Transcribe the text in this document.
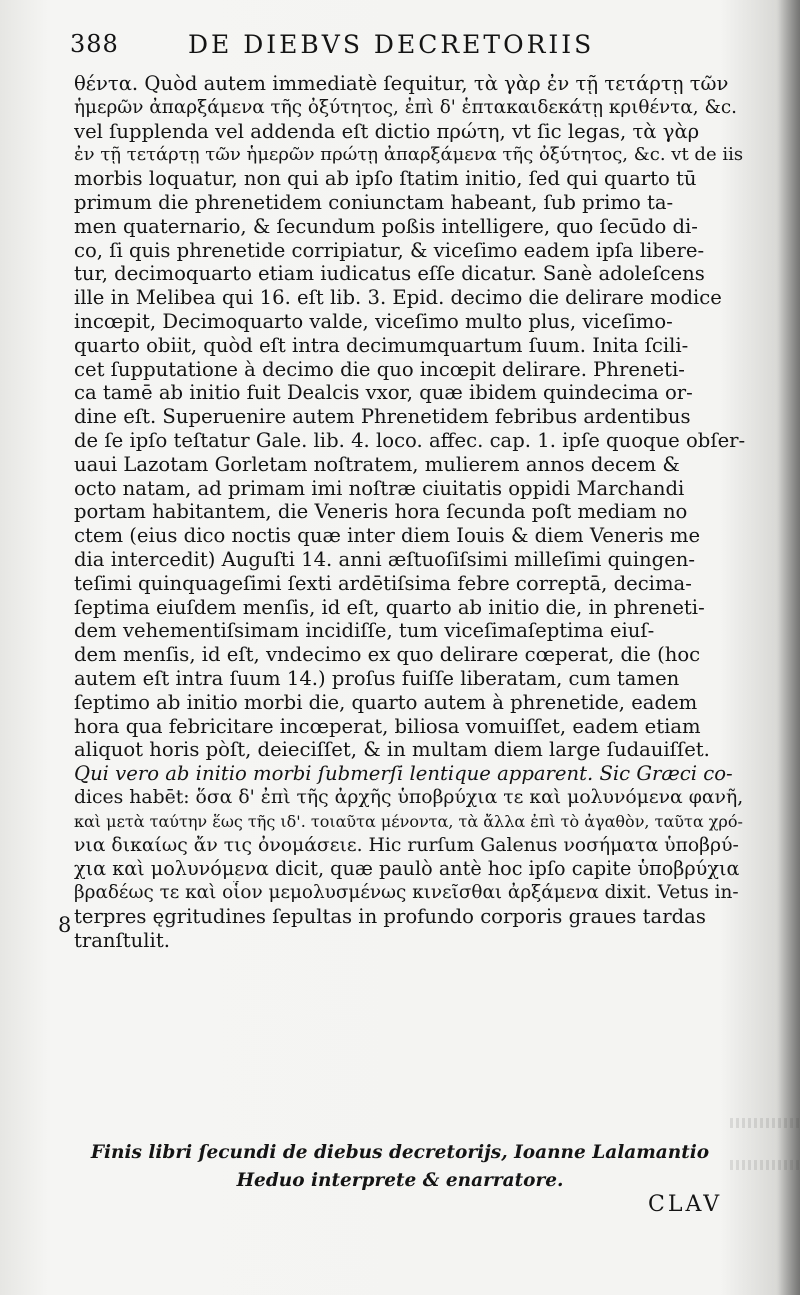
388	DE DIEBVS DECRETORIIS
θέντα. Quòd autem immediatè ſequitur, τὰ γὰρ ἐν τῇ τετάρτῃ τῶν
ἡμερῶν ἀπαρξάμενα τῆς ὀξύτητος, ἐπὶ δ' ἑπτακαιδεκάτῃ κριθέντα, &c.
vel ſupplenda vel addenda eſt dictio πρώτη, vt ſic legas, τὰ γὰρ
ἐν τῇ τετάρτῃ τῶν ἡμερῶν πρώτῃ ἀπαρξάμενα τῆς ὀξύτητος, &c. vt de iis
morbis loquatur, non qui ab ipſo ſtatim initio, ſed qui quarto tū
primum die phrenetidem coniunctam habeant, ſub primo ta-
men quaternario, & ſecundum poßis intelligere, quo ſecūdo di-
co, ſi quis phrenetide corripiatur, & viceſimo eadem ipſa libere-
tur, decimoquarto etiam iudicatus eſſe dicatur. Sanè adoleſcens
ille in Melibea qui 16. eſt lib. 3. Epid. decimo die delirare modice
incœpit, Decimoquarto valde, viceſimo multo plus, viceſimo-
quarto obiit, quòd eſt intra decimumquartum ſuum. Inita ſcili-
cet ſupputatione à decimo die quo incœpit delirare. Phreneti-
ca tamē ab initio fuit Dealcis vxor, quæ ibidem quindecima or-
dine eſt. Superuenire autem Phrenetidem febribus ardentibus
de ſe ipſo teſtatur Gale. lib. 4. loco. affec. cap. 1. ipſe quoque obſer-
uaui Lazotam Gorletam noſtratem, mulierem annos decem &
octo natam, ad primam imi noſtræ ciuitatis oppidi Marchandi
portam habitantem, die Veneris hora ſecunda poſt mediam no
ctem (eius dico noctis quæ inter diem Iouis & diem Veneris me
dia intercedit) Auguſti 14. anni æſtuoſiſsimi milleſimi quingen-
teſimi quinquageſimi ſexti ardētiſsima febre correptā, decima-
ſeptima eiuſdem menſis, id eſt, quarto ab initio die, in phreneti-
dem vehementiſsimam incidiſſe, tum viceſimaſeptima eiuſ-
dem menſis, id eſt, vndecimo ex quo delirare cœperat, die (hoc
autem eſt intra ſuum 14.) proſus fuiſſe liberatam, cum tamen
ſeptimo ab initio morbi die, quarto autem à phrenetide, eadem
hora qua febricitare incœperat, biliosa vomuiſſet, eadem etiam
aliquot horis pòſt, deieciſſet, & in multam diem large ſudauiſſet.
Qui vero ab initio morbi ſubmerſi lentique apparent. Sic Græci co-
dices habēt: ὅσα δ' ἐπὶ τῆς ἀρχῆς ὑποβρύχια τε καὶ μολυνόμενα φανῆ,
καὶ μετὰ ταύτην ἕως τῆς ιδ'. τοιαῦτα μένοντα, τὰ ἄλλα ἐπὶ τὸ ἀγαθὸν, ταῦτα χρό-
νια δικαίως ἄν τις ὀνομάσειε. Hic rurſum Galenus νοσήματα ὑποβρύ-
χια καὶ μολυνόμενα dicit, quæ paulò antè hoc ipſo capite ὑποβρύχια
βραδέως τε καὶ οἷον μεμολυσμένως κινεῖσθαι ἀρξάμενα dixit. Vetus in-
terpres ęgritudines ſepultas in profundo corporis graues tardas
tranſtulit.
8
Finis libri ſecundi de diebus decretorijs, Ioanne Lalamantio
Heduo interprete & enarratore.
CLAV
